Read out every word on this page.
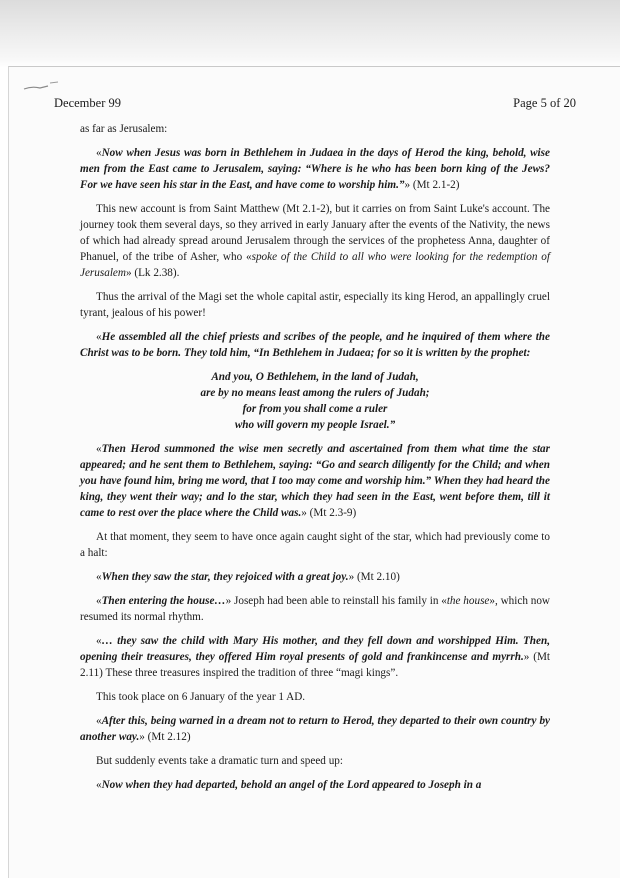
December 99	Page 5 of 20

as far as Jerusalem:

«Now when Jesus was born in Bethlehem in Judaea in the days of Herod the king, behold, wise men from the East came to Jerusalem, saying: “Where is he who has been born king of the Jews? For we have seen his star in the East, and have come to worship him.”» (Mt 2.1-2)

This new account is from Saint Matthew (Mt 2.1-2), but it carries on from Saint Luke's account. The journey took them several days, so they arrived in early January after the events of the Nativity, the news of which had already spread around Jerusalem through the services of the prophetess Anna, daughter of Phanuel, of the tribe of Asher, who «spoke of the Child to all who were looking for the redemption of Jerusalem» (Lk 2.38).

Thus the arrival of the Magi set the whole capital astir, especially its king Herod, an appallingly cruel tyrant, jealous of his power!

«He assembled all the chief priests and scribes of the people, and he inquired of them where the Christ was to be born. They told him, “In Bethlehem in Judaea; for so it is written by the prophet:

And you, O Bethlehem, in the land of Judah,
are by no means least among the rulers of Judah;
for from you shall come a ruler
who will govern my people Israel.”

«Then Herod summoned the wise men secretly and ascertained from them what time the star appeared; and he sent them to Bethlehem, saying: “Go and search diligently for the Child; and when you have found him, bring me word, that I too may come and worship him.” When they had heard the king, they went their way; and lo the star, which they had seen in the East, went before them, till it came to rest over the place where the Child was.» (Mt 2.3-9)

At that moment, they seem to have once again caught sight of the star, which had previously come to a halt:

«When they saw the star, they rejoiced with a great joy.» (Mt 2.10)

«Then entering the house…» Joseph had been able to reinstall his family in «the house», which now resumed its normal rhythm.

«… they saw the child with Mary His mother, and they fell down and worshipped Him. Then, opening their treasures, they offered Him royal presents of gold and frankincense and myrrh.» (Mt 2.11) These three treasures inspired the tradition of three “magi kings”.

This took place on 6 January of the year 1 AD.

«After this, being warned in a dream not to return to Herod, they departed to their own country by another way.» (Mt 2.12)

But suddenly events take a dramatic turn and speed up:

«Now when they had departed, behold an angel of the Lord appeared to Joseph in a
